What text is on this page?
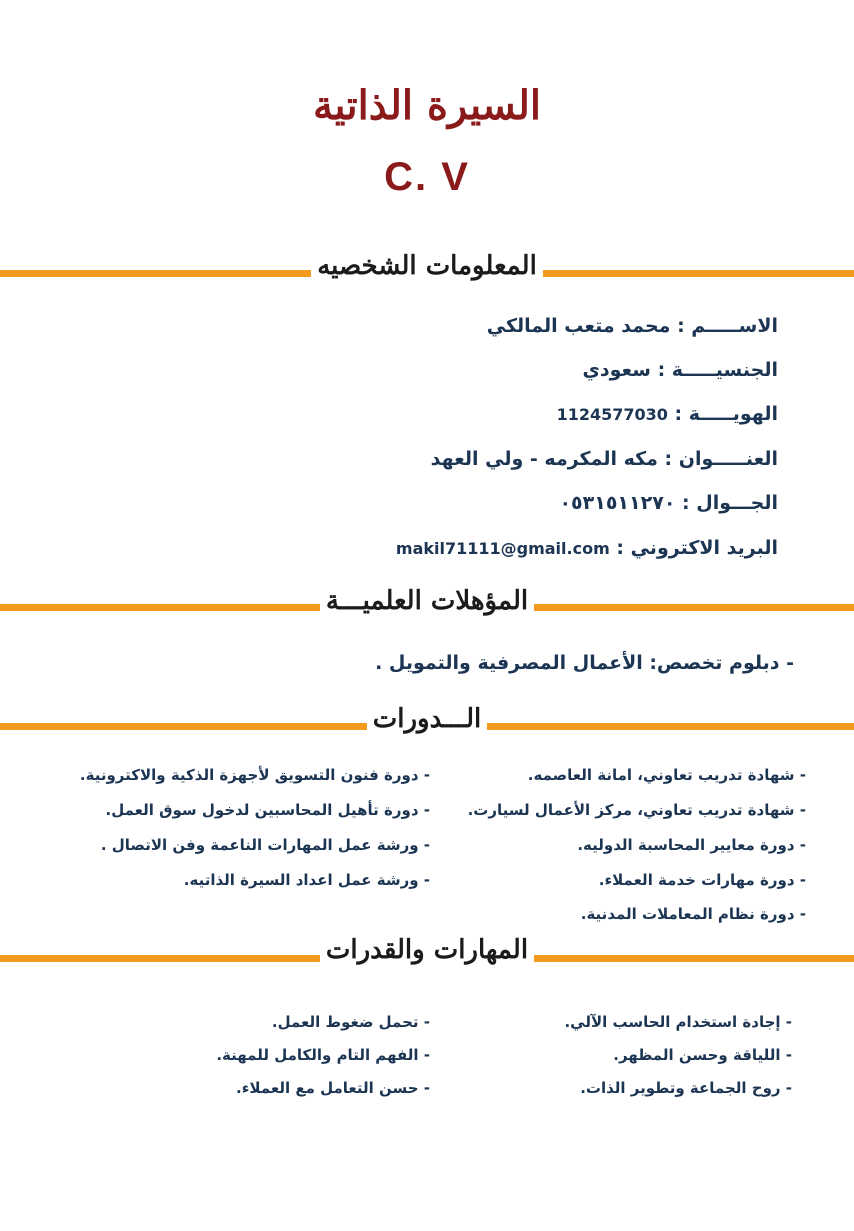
السيرة الذاتية
C. V
المعلومات الشخصيه
الاســـــم : محمد متعب المالكي
الجنسيـــــة : سعودي
الهويـــــة : 1124577030
العنـــــوان : مكه المكرمه - ولي العهد
الجـــوال : ٠٥٣١٥١١٢٧٠
البريد الاكتروني : makil71111@gmail.com
المؤهلات العلميـــة
- دبلوم تخصص: الأعمال المصرفية والتمويل .
الـــدورات
- شهادة تدريب تعاوني، امانة العاصمه.
- شهادة تدريب تعاوني، مركز الأعمال لسيارت.
- دورة معايير المحاسبة الدوليه.
- دورة مهارات خدمة العملاء.
- دورة نظام المعاملات المدنية.
- دورة فنون التسويق لأجهزة الذكية والاكترونية.
- دورة تأهيل المحاسبين لدخول سوق العمل.
- ورشة عمل المهارات الناعمة وفن الاتصال .
- ورشة عمل اعداد السيرة الذاتيه.
المهارات والقدرات
- إجادة استخدام الحاسب الآلي.
- اللياقة وحسن المظهر.
- روح الجماعة وتطوير الذات.
- تحمل ضغوط العمل.
- الفهم التام والكامل للمهنة.
- حسن التعامل مع العملاء.
